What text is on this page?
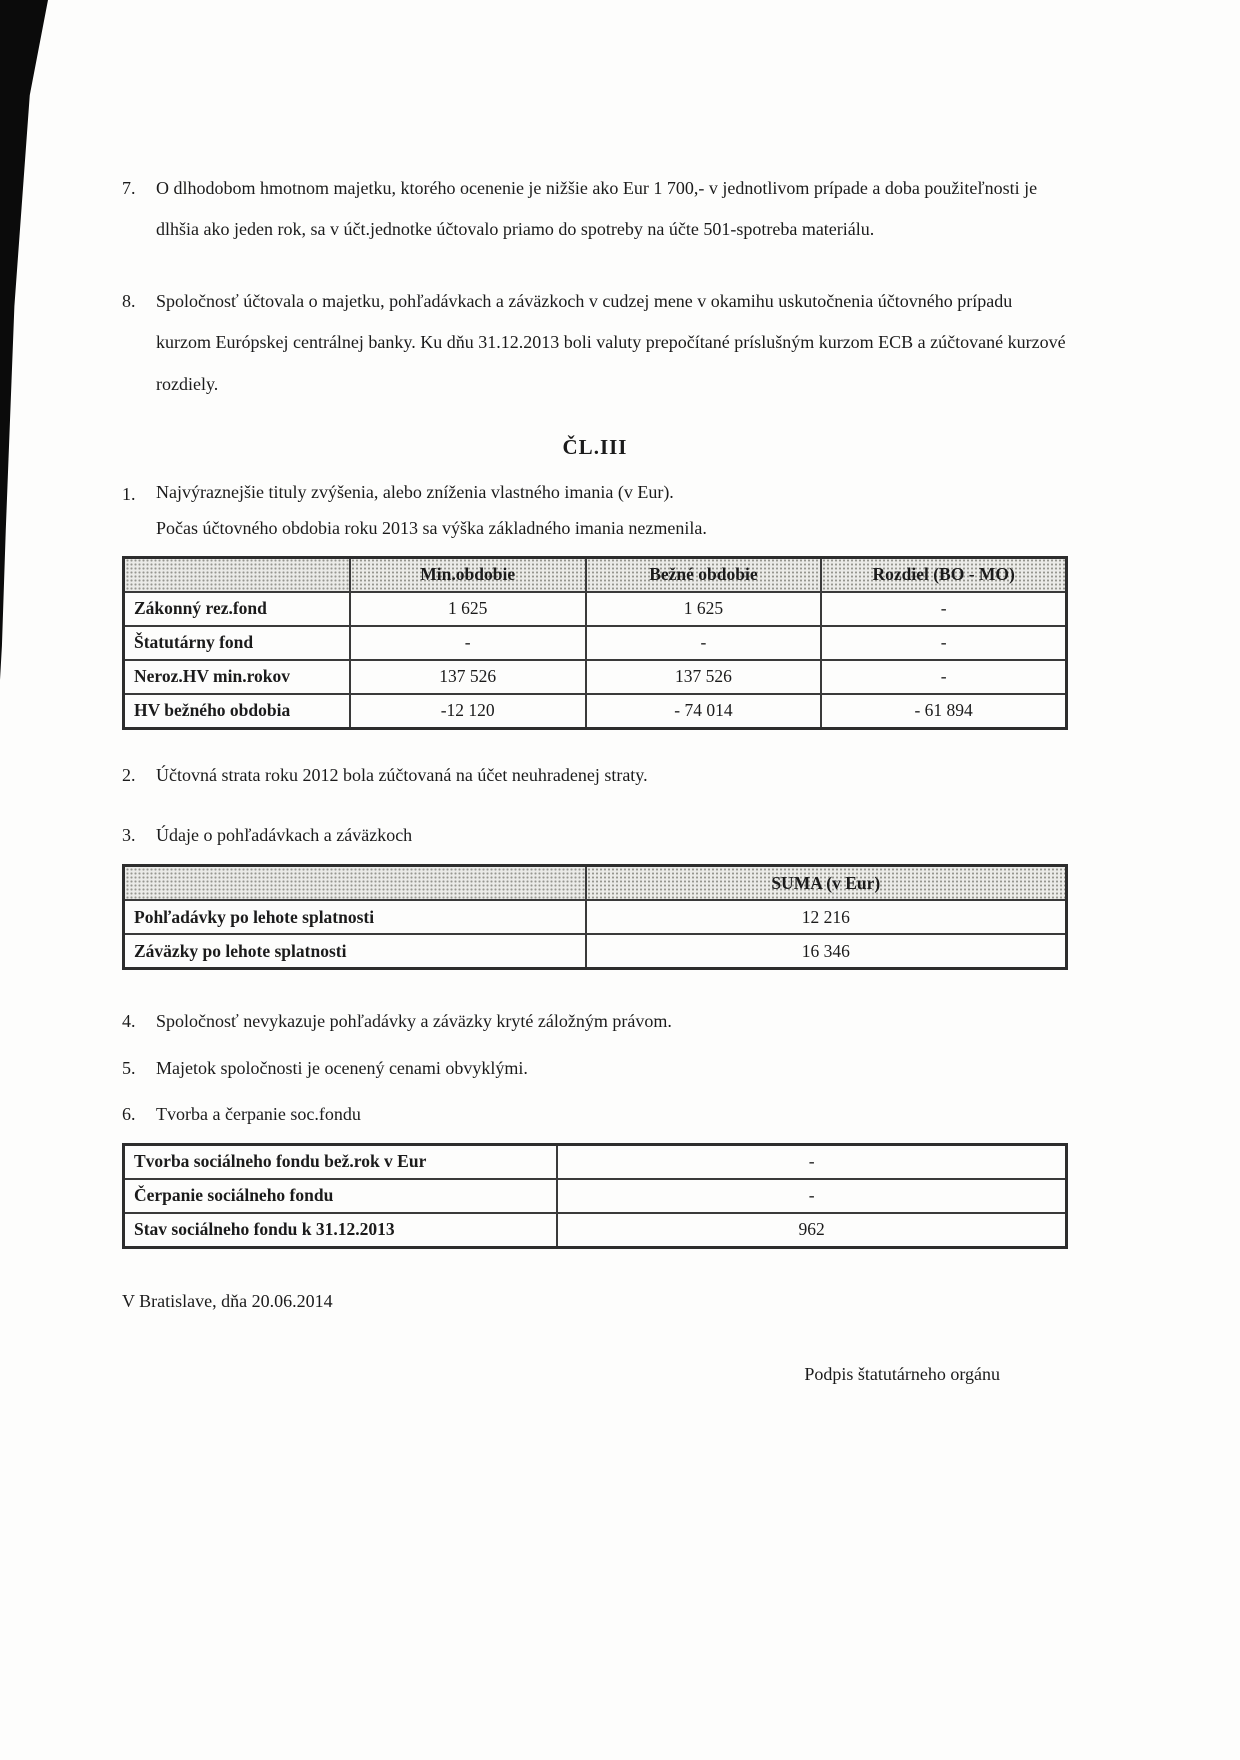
7.	O dlhodobom hmotnom majetku, ktorého ocenenie je nižšie ako Eur 1 700,- v jednotlivom prípade a doba použiteľnosti je dlhšia ako jeden rok, sa v účt.jednotke účtovalo priamo do spotreby na účte 501-spotreba materiálu.
8.	Spoločnosť účtovala o majetku, pohľadávkach a záväzkoch v cudzej mene v okamihu uskutočnenia účtovného prípadu kurzom Európskej centrálnej banky. Ku dňu 31.12.2013 boli valuty prepočítané príslušným kurzom ECB a zúčtované kurzové rozdiely.
ČL.III
1.	Najvýraznejšie tituly zvýšenia, alebo zníženia vlastného imania (v Eur).
Počas účtovného obdobia roku 2013 sa výška základného imania nezmenila.
	Min.obdobie	Bežné obdobie	Rozdiel (BO - MO)
Zákonný rez.fond	1 625	1 625	-
Štatutárny fond	-	-	-
Neroz.HV min.rokov	137 526	137 526	-
HV bežného obdobia	-12 120	- 74 014	- 61 894
2.	Účtovná strata roku 2012 bola zúčtovaná na účet neuhradenej straty.
3.	Údaje o pohľadávkach a záväzkoch
	SUMA (v Eur)
Pohľadávky po lehote splatnosti	12 216
Záväzky po lehote splatnosti	16 346
4.	Spoločnosť nevykazuje pohľadávky a záväzky kryté záložným právom.
5.	Majetok spoločnosti je ocenený cenami obvyklými.
6.	Tvorba a čerpanie soc.fondu
Tvorba sociálneho fondu bež.rok v Eur	-
Čerpanie sociálneho fondu	-
Stav sociálneho fondu k 31.12.2013	962
V Bratislave, dňa 20.06.2014
Podpis štatutárneho orgánu
